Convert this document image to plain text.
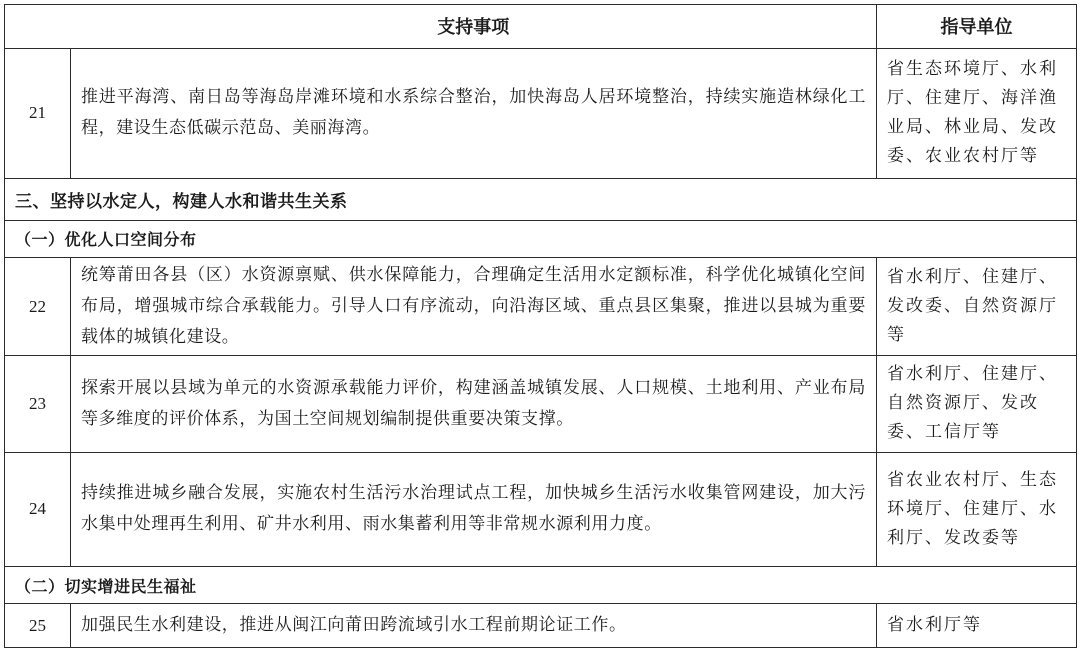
	支持事项	指导单位
21	推进平海湾、南日岛等海岛岸滩环境和水系综合整治，加快海岛人居环境整治，持续实施造林绿化工程，建设生态低碳示范岛、美丽海湾。	省生态环境厅、水利厅、住建厅、海洋渔业局、林业局、发改委、农业农村厅等
三、坚持以水定人，构建人水和谐共生关系		
（一）优化人口空间分布		
22	统筹莆田各县（区）水资源禀赋、供水保障能力，合理确定生活用水定额标准，科学优化城镇化空间布局，增强城市综合承载能力。引导人口有序流动，向沿海区域、重点县区集聚，推进以县城为重要载体的城镇化建设。	省水利厅、住建厅、发改委、自然资源厅等
23	探索开展以县域为单元的水资源承载能力评价，构建涵盖城镇发展、人口规模、土地利用、产业布局等多维度的评价体系，为国土空间规划编制提供重要决策支撑。	省水利厅、住建厅、自然资源厅、发改委、工信厅等
24	持续推进城乡融合发展，实施农村生活污水治理试点工程，加快城乡生活污水收集管网建设，加大污水集中处理再生利用、矿井水利用、雨水集蓄利用等非常规水源利用力度。	省农业农村厅、生态环境厅、住建厅、水利厅、发改委等
（二）切实增进民生福祉		
25	加强民生水利建设，推进从闽江向莆田跨流域引水工程前期论证工作。	省水利厅等
